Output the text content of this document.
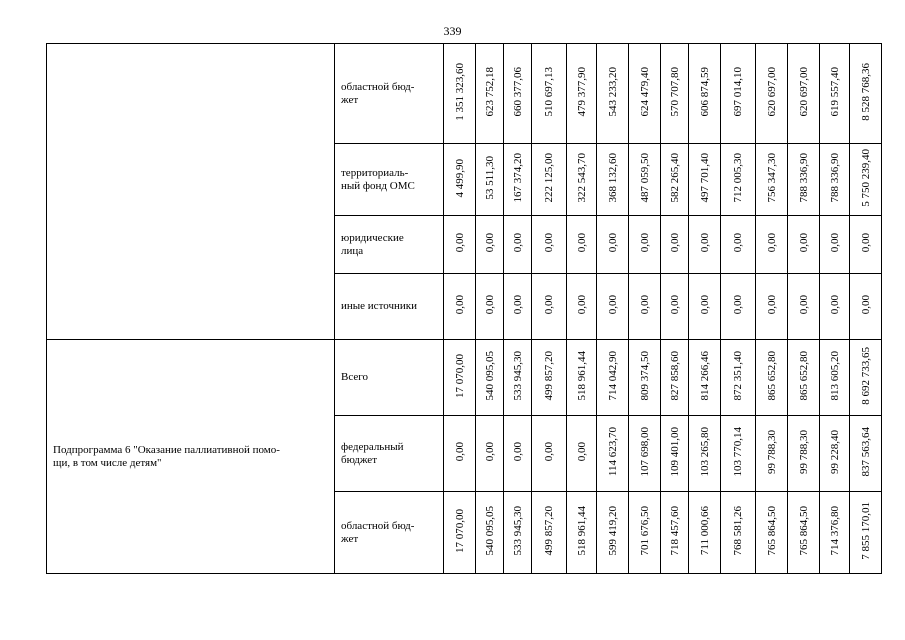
339
	областной бюд-
жет	1 351 323,60	623 752,18	660 377,06	510 697,13	479 377,90	543 233,20	624 479,40	570 707,80	606 874,59	697 014,10	620 697,00	620 697,00	619 557,40	8 528 768,36
	территориаль-
ный фонд ОМС	4 499,90	53 511,30	167 374,20	222 125,00	322 543,70	368 132,60	487 059,50	582 265,40	497 701,40	712 005,30	756 347,30	788 336,90	788 336,90	5 750 239,40
	юридические
лица	0,00	0,00	0,00	0,00	0,00	0,00	0,00	0,00	0,00	0,00	0,00	0,00	0,00	0,00
	иные источники	0,00	0,00	0,00	0,00	0,00	0,00	0,00	0,00	0,00	0,00	0,00	0,00	0,00	0,00
Подпрограмма 6 "Оказание паллиативной помо-
щи, в том числе детям"	Всего	17 070,00	540 095,05	533 945,30	499 857,20	518 961,44	714 042,90	809 374,50	827 858,60	814 266,46	872 351,40	865 652,80	865 652,80	813 605,20	8 692 733,65
	федеральный
бюджет	0,00	0,00	0,00	0,00	0,00	114 623,70	107 698,00	109 401,00	103 265,80	103 770,14	99 788,30	99 788,30	99 228,40	837 563,64
	областной бюд-
жет	17 070,00	540 095,05	533 945,30	499 857,20	518 961,44	599 419,20	701 676,50	718 457,60	711 000,66	768 581,26	765 864,50	765 864,50	714 376,80	7 855 170,01
